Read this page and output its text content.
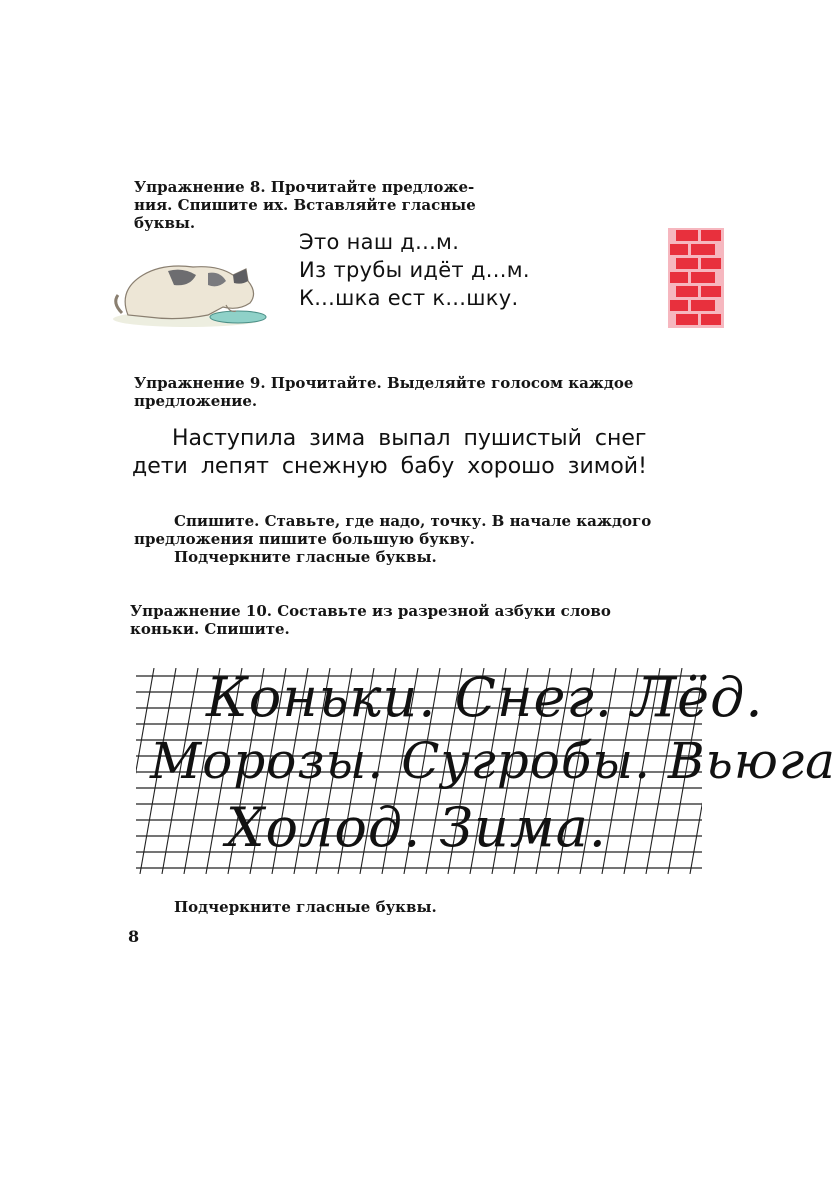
Упражнение 8. Прочитайте предложе-
ния. Спишите их. Вставляйте гласные
буквы.
Это наш д...м.
Из трубы идёт д...м.
К...шка ест к...шку.
Упражнение 9. Прочитайте. Выделяйте голосом каждое
предложение.
Наступила зима выпал пушистый снег
дети лепят снежную бабу хорошо зимой!
Спишите. Ставьте, где надо, точку. В начале каждого
предложения пишите большую букву.
Подчеркните гласные буквы.
Упражнение 10. Составьте из разрезной азбуки слово
коньки. Спишите.
Коньки. Снег. Лёд.
Морозы. Сугробы. Вьюга
Холод. Зима.
Подчеркните гласные буквы.
8
